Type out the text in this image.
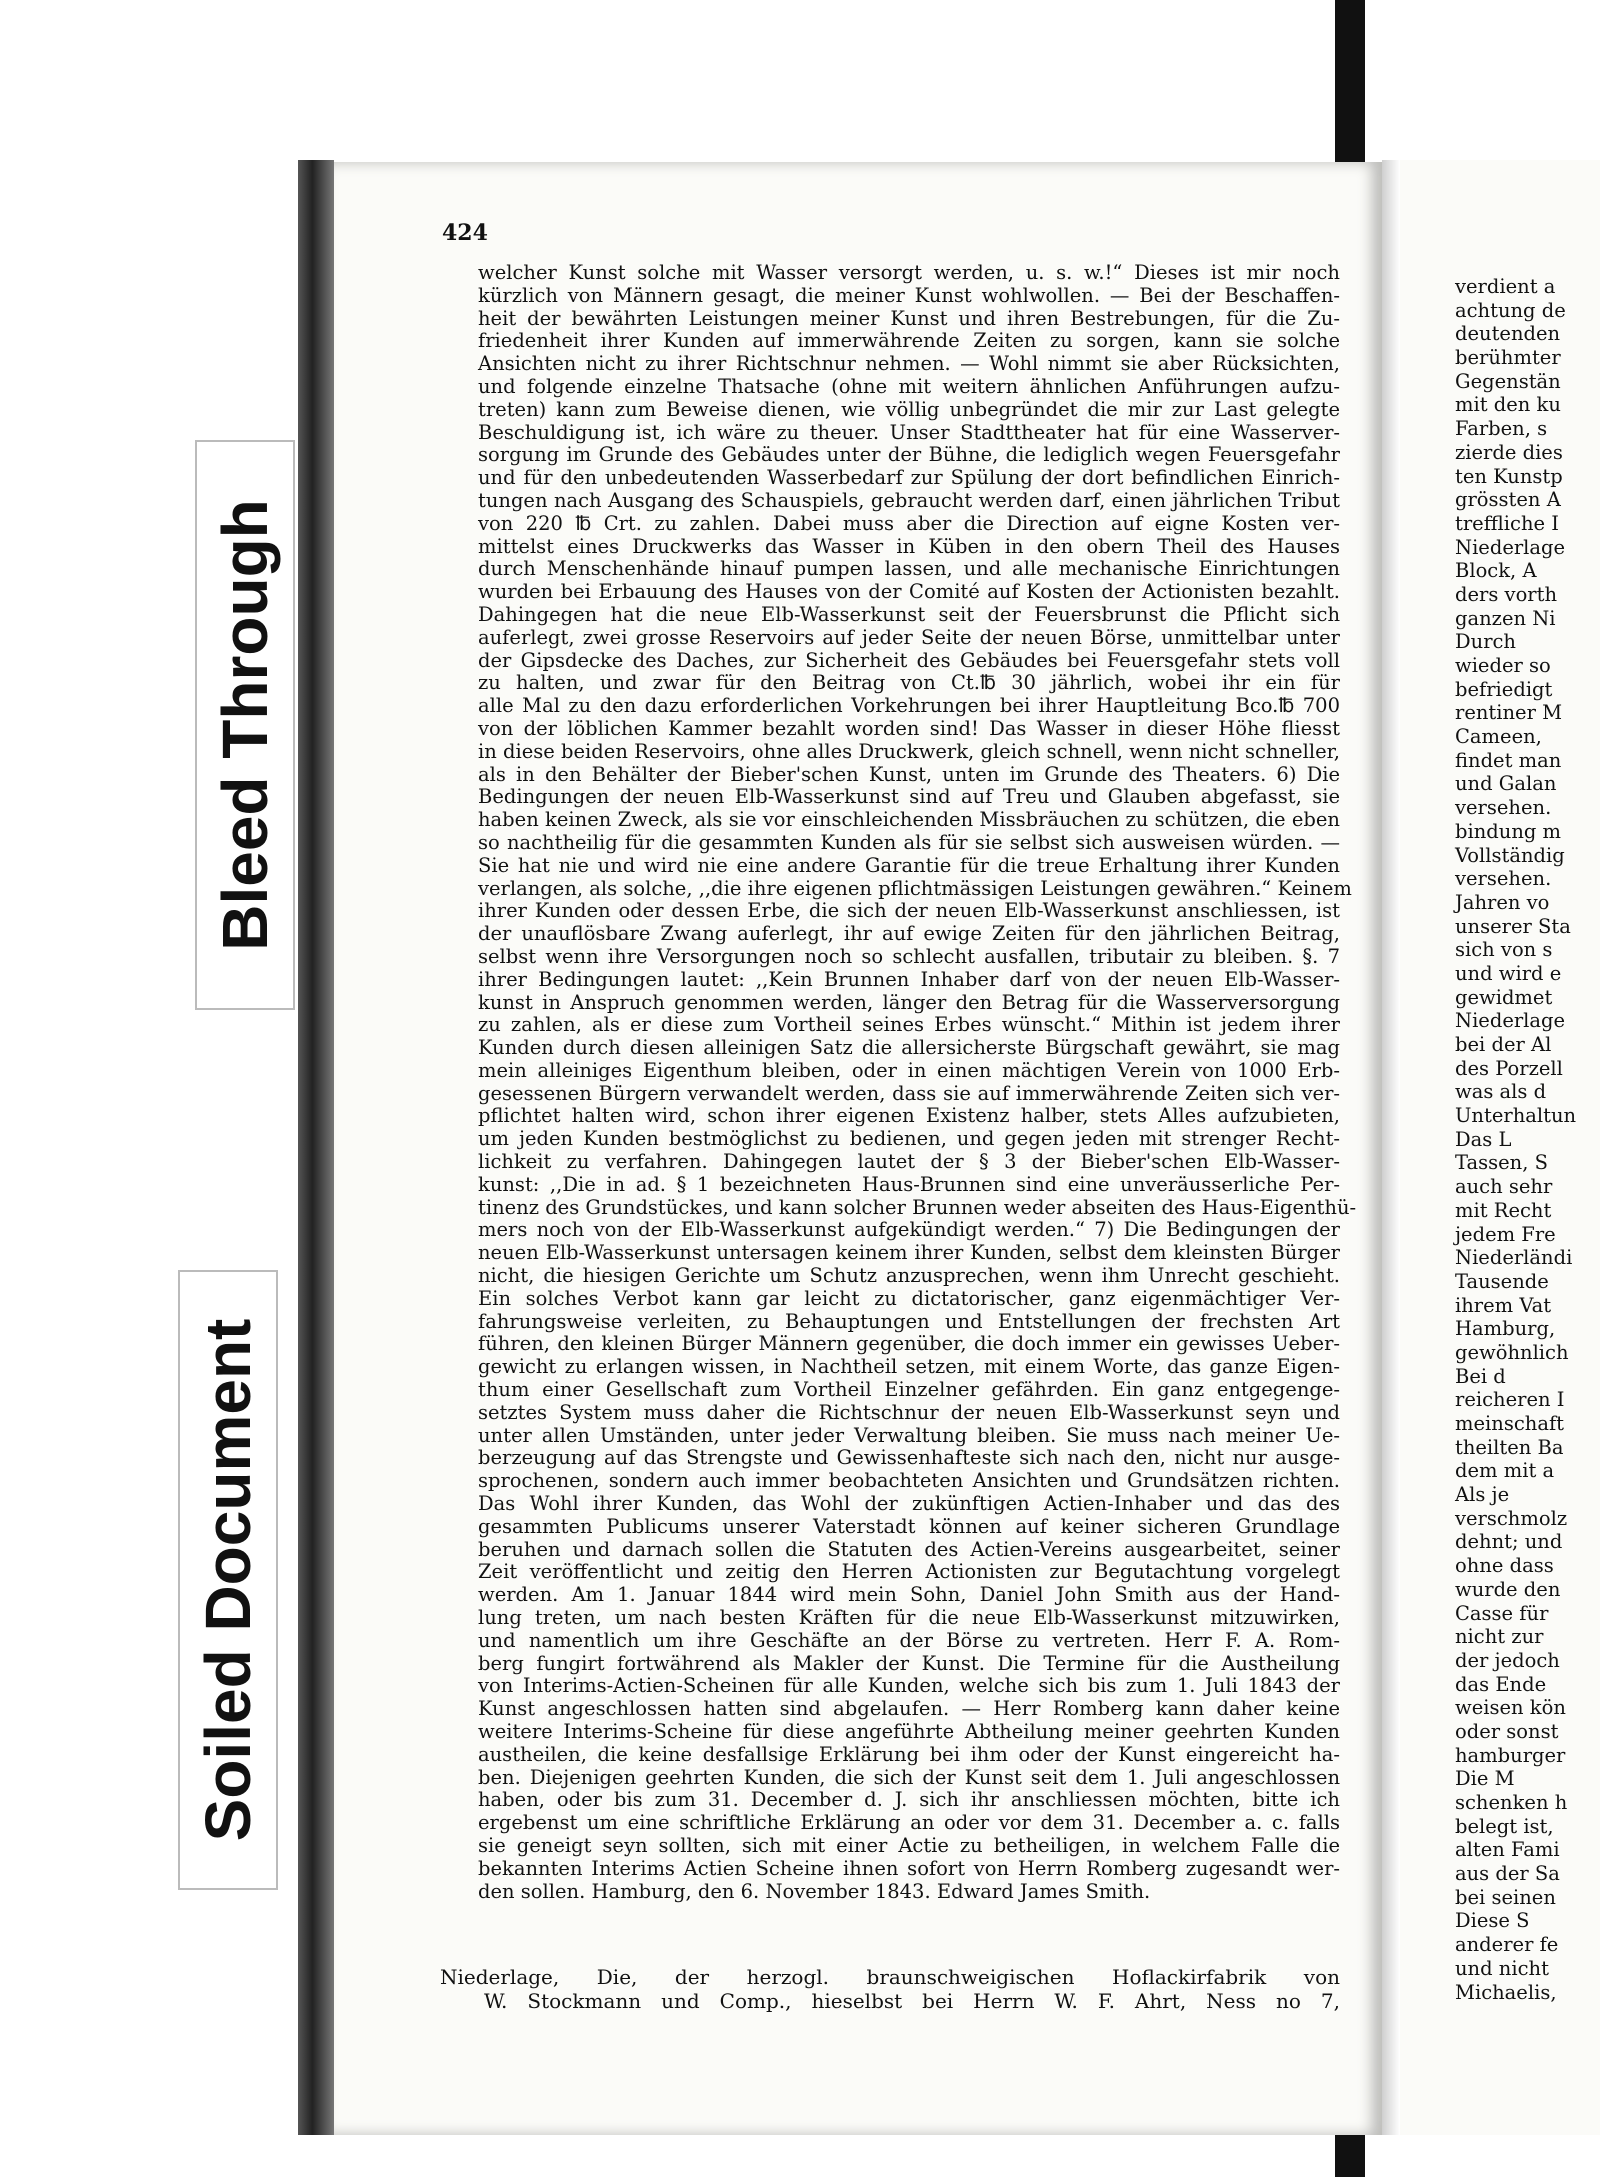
Bleed Through
Soiled Document
424
welcher Kunst solche mit Wasser versorgt werden, u. s. w.!“ Dieses ist mir noch
kürzlich von Männern gesagt, die meiner Kunst wohlwollen. — Bei der Beschaffen-
heit der bewährten Leistungen meiner Kunst und ihren Bestrebungen, für die Zu-
friedenheit ihrer Kunden auf immerwährende Zeiten zu sorgen, kann sie solche
Ansichten nicht zu ihrer Richtschnur nehmen. — Wohl nimmt sie aber Rücksichten,
und folgende einzelne Thatsache (ohne mit weitern ähnlichen Anführungen aufzu-
treten) kann zum Beweise dienen, wie völlig unbegründet die mir zur Last gelegte
Beschuldigung ist, ich wäre zu theuer. Unser Stadttheater hat für eine Wasserver-
sorgung im Grunde des Gebäudes unter der Bühne, die lediglich wegen Feuersgefahr
und für den unbedeutenden Wasserbedarf zur Spülung der dort befindlichen Einrich-
tungen nach Ausgang des Schauspiels, gebraucht werden darf, einen jährlichen Tribut
von 220 ℔ Crt. zu zahlen. Dabei muss aber die Direction auf eigne Kosten ver-
mittelst eines Druckwerks das Wasser in Küben in den obern Theil des Hauses
durch Menschenhände hinauf pumpen lassen, und alle mechanische Einrichtungen
wurden bei Erbauung des Hauses von der Comité auf Kosten der Actionisten bezahlt.
Dahingegen hat die neue Elb-Wasserkunst seit der Feuersbrunst die Pflicht sich
auferlegt, zwei grosse Reservoirs auf jeder Seite der neuen Börse, unmittelbar unter
der Gipsdecke des Daches, zur Sicherheit des Gebäudes bei Feuersgefahr stets voll
zu halten, und zwar für den Beitrag von Ct.℔ 30 jährlich, wobei ihr ein für
alle Mal zu den dazu erforderlichen Vorkehrungen bei ihrer Hauptleitung Bco.℔ 700
von der löblichen Kammer bezahlt worden sind! Das Wasser in dieser Höhe fliesst
in diese beiden Reservoirs, ohne alles Druckwerk, gleich schnell, wenn nicht schneller,
als in den Behälter der Bieber'schen Kunst, unten im Grunde des Theaters. 6) Die
Bedingungen der neuen Elb-Wasserkunst sind auf Treu und Glauben abgefasst, sie
haben keinen Zweck, als sie vor einschleichenden Missbräuchen zu schützen, die eben
so nachtheilig für die gesammten Kunden als für sie selbst sich ausweisen würden. —
Sie hat nie und wird nie eine andere Garantie für die treue Erhaltung ihrer Kunden
verlangen, als solche, ,,die ihre eigenen pflichtmässigen Leistungen gewähren.“ Keinem
ihrer Kunden oder dessen Erbe, die sich der neuen Elb-Wasserkunst anschliessen, ist
der unauflösbare Zwang auferlegt, ihr auf ewige Zeiten für den jährlichen Beitrag,
selbst wenn ihre Versorgungen noch so schlecht ausfallen, tributair zu bleiben. §. 7
ihrer Bedingungen lautet: ,,Kein Brunnen Inhaber darf von der neuen Elb-Wasser-
kunst in Anspruch genommen werden, länger den Betrag für die Wasserversorgung
zu zahlen, als er diese zum Vortheil seines Erbes wünscht.“ Mithin ist jedem ihrer
Kunden durch diesen alleinigen Satz die allersicherste Bürgschaft gewährt, sie mag
mein alleiniges Eigenthum bleiben, oder in einen mächtigen Verein von 1000 Erb-
gesessenen Bürgern verwandelt werden, dass sie auf immerwährende Zeiten sich ver-
pflichtet halten wird, schon ihrer eigenen Existenz halber, stets Alles aufzubieten,
um jeden Kunden bestmöglichst zu bedienen, und gegen jeden mit strenger Recht-
lichkeit zu verfahren. Dahingegen lautet der § 3 der Bieber'schen Elb-Wasser-
kunst: ,,Die in ad. § 1 bezeichneten Haus-Brunnen sind eine unveräusserliche Per-
tinenz des Grundstückes, und kann solcher Brunnen weder abseiten des Haus-Eigenthü-
mers noch von der Elb-Wasserkunst aufgekündigt werden.“ 7) Die Bedingungen der
neuen Elb-Wasserkunst untersagen keinem ihrer Kunden, selbst dem kleinsten Bürger
nicht, die hiesigen Gerichte um Schutz anzusprechen, wenn ihm Unrecht geschieht.
Ein solches Verbot kann gar leicht zu dictatorischer, ganz eigenmächtiger Ver-
fahrungsweise verleiten, zu Behauptungen und Entstellungen der frechsten Art
führen, den kleinen Bürger Männern gegenüber, die doch immer ein gewisses Ueber-
gewicht zu erlangen wissen, in Nachtheil setzen, mit einem Worte, das ganze Eigen-
thum einer Gesellschaft zum Vortheil Einzelner gefährden. Ein ganz entgegenge-
setztes System muss daher die Richtschnur der neuen Elb-Wasserkunst seyn und
unter allen Umständen, unter jeder Verwaltung bleiben. Sie muss nach meiner Ue-
berzeugung auf das Strengste und Gewissenhafteste sich nach den, nicht nur ausge-
sprochenen, sondern auch immer beobachteten Ansichten und Grundsätzen richten.
Das Wohl ihrer Kunden, das Wohl der zukünftigen Actien-Inhaber und das des
gesammten Publicums unserer Vaterstadt können auf keiner sicheren Grundlage
beruhen und darnach sollen die Statuten des Actien-Vereins ausgearbeitet, seiner
Zeit veröffentlicht und zeitig den Herren Actionisten zur Begutachtung vorgelegt
werden. Am 1. Januar 1844 wird mein Sohn, Daniel John Smith aus der Hand-
lung treten, um nach besten Kräften für die neue Elb-Wasserkunst mitzuwirken,
und namentlich um ihre Geschäfte an der Börse zu vertreten. Herr F. A. Rom-
berg fungirt fortwährend als Makler der Kunst. Die Termine für die Austheilung
von Interims-Actien-Scheinen für alle Kunden, welche sich bis zum 1. Juli 1843 der
Kunst angeschlossen hatten sind abgelaufen. — Herr Romberg kann daher keine
weitere Interims-Scheine für diese angeführte Abtheilung meiner geehrten Kunden
austheilen, die keine desfallsige Erklärung bei ihm oder der Kunst eingereicht ha-
ben. Diejenigen geehrten Kunden, die sich der Kunst seit dem 1. Juli angeschlossen
haben, oder bis zum 31. December d. J. sich ihr anschliessen möchten, bitte ich
ergebenst um eine schriftliche Erklärung an oder vor dem 31. December a. c. falls
sie geneigt seyn sollten, sich mit einer Actie zu betheiligen, in welchem Falle die
bekannten Interims Actien Scheine ihnen sofort von Herrn Romberg zugesandt wer-
den sollen. Hamburg, den 6. November 1843. Edward James Smith.
Niederlage, Die, der herzogl. braunschweigischen Hoflackirfabrik von
W. Stockmann und Comp., hieselbst bei Herrn W. F. Ahrt, Ness no 7,
verdient a
achtung de
deutenden
berühmter
Gegenstän
mit den ku
Farben, s
zierde dies
ten Kunstp
grössten A
treffliche I
Niederlage
Block, A
ders vorth
ganzen Ni
Durch
wieder so
befriedigt
rentiner M
Cameen,
findet man
und Galan
versehen.
bindung m
Vollständig
versehen.
Jahren vo
unserer Sta
sich von s
und wird e
gewidmet
Niederlage
bei der Al
des Porzell
was als d
Unterhaltun
Das L
Tassen, S
auch sehr
mit Recht
jedem Fre
Niederländi
Tausende
ihrem Vat
Hamburg,
gewöhnlich
Bei d
reicheren I
meinschaft
theilten Ba
dem mit a
Als je
verschmolz
dehnt; und
ohne dass
wurde den
Casse für
nicht zur
der jedoch
das Ende
weisen kön
oder sonst
hamburger
Die M
schenken h
belegt ist,
alten Fami
aus der Sa
bei seinen
Diese S
anderer fe
und nicht
Michaelis,
